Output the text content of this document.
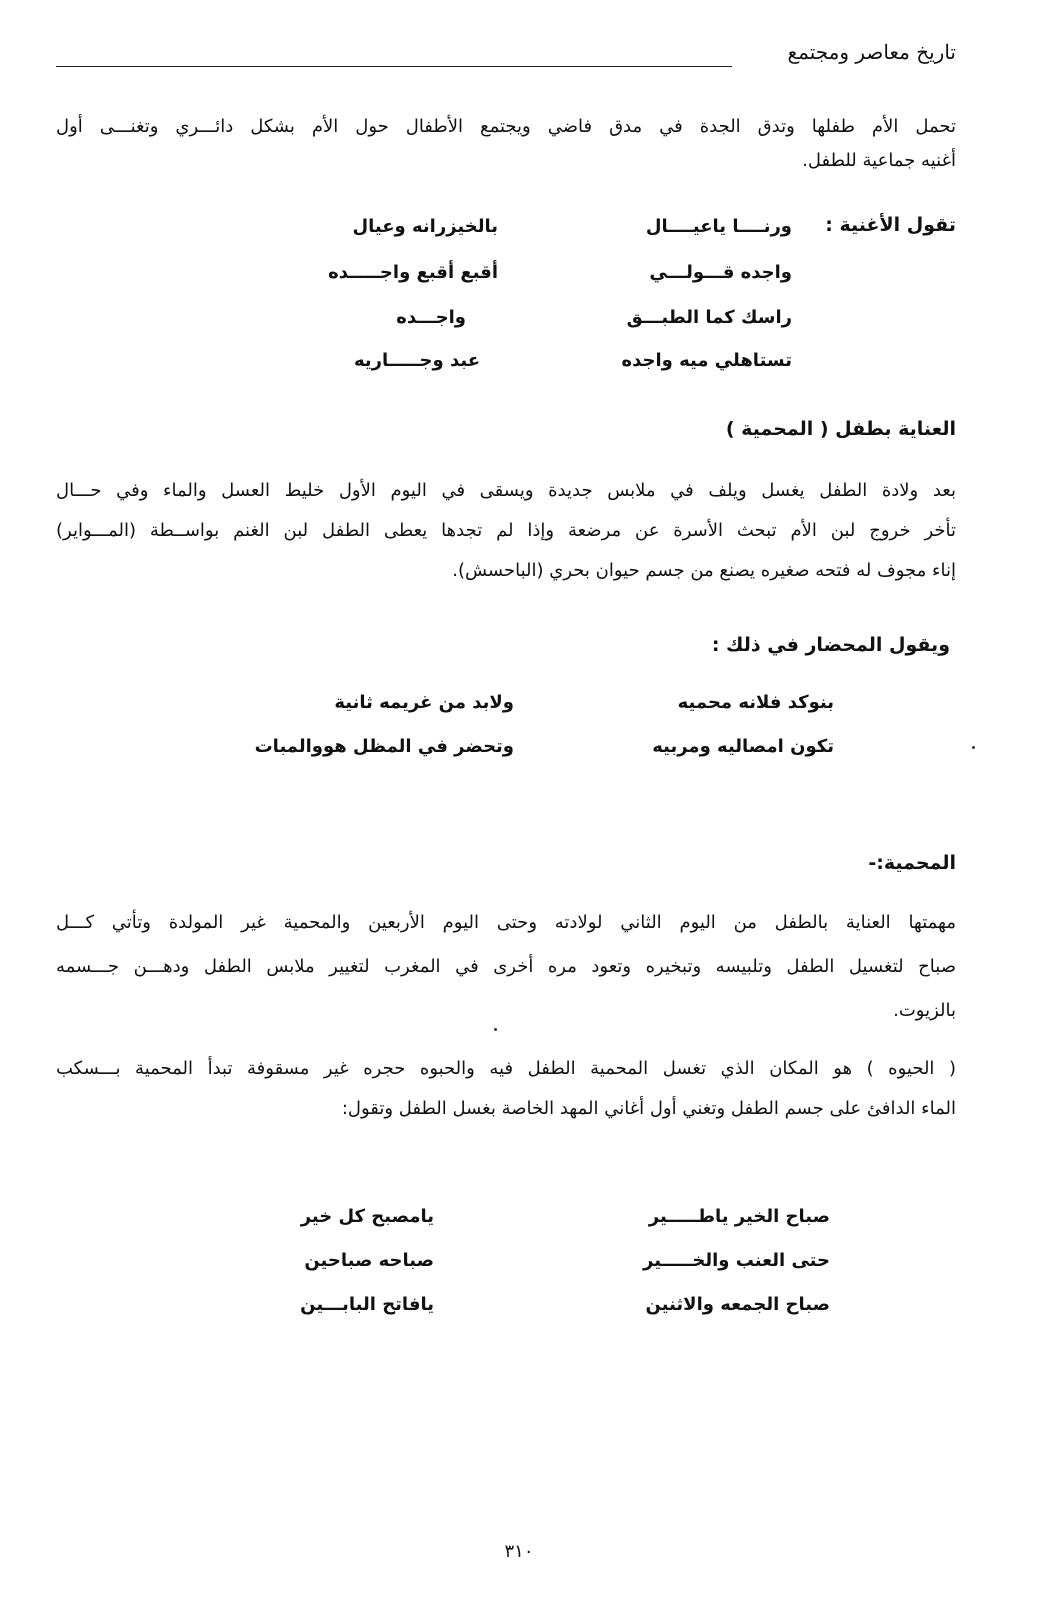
تاريخ معاصر ومجتمع
تحمل الأم طفلها وتدق الجدة في مدق فاضي ويجتمع الأطفال حول الأم بشكل دائـــري وتغنـــى أول
أغنيه جماعية للطفل.
تقول الأغنية :
ورنــــا ياعيــــال
بالخيزرانه وعيال
واجده قـــولـــي
أقبع أقبع واجـــــده
راسك كما الطبـــق
واجـــده
تستاهلي ميه واجده
عبد وجـــــاريه
العناية بطفل ( المحمية )
بعد ولادة الطفل يغسل ويلف في ملابس جديدة ويسقى في اليوم الأول خليط العسل والماء وفي حـــال
تأخر خروج لبن الأم تبحث الأسرة عن مرضعة وإذا لم تجدها يعطى الطفل لبن الغنم بواســطة (المـــواير)
إناء مجوف له فتحه صغيره يصنع من جسم حيوان بحري (الباحسش).
ويقول المحضار في ذلك :
بنوكد فلانه محميه
ولابد من غريمه ثانية
تكون امصاليه ومربيه
وتحضر في المظل هووالمبات
المحمية:-
مهمتها العناية بالطفل من اليوم الثاني لولادته وحتى اليوم الأربعين والمحمية غير المولدة وتأتي كـــل
صباح لتغسيل الطفل وتلبيسه وتبخيره وتعود مره أخرى في المغرب لتغيير ملابس الطفل ودهـــن جـــسمه
بالزيوت.
( الحيوه ) هو المكان الذي تغسل المحمية الطفل فيه والحبوه حجره غير مسقوفة تبدأ المحمية بـــسكب
الماء الدافئ على جسم الطفل وتغني أول أغاني المهد الخاصة بغسل الطفل وتقول:
صباح الخير ياطـــــير
يامصبح كل خير
حتى العنب والخـــــير
صباحه صباحين
صباح الجمعه والاثنين
يافاتح البابـــين
٣١٠
